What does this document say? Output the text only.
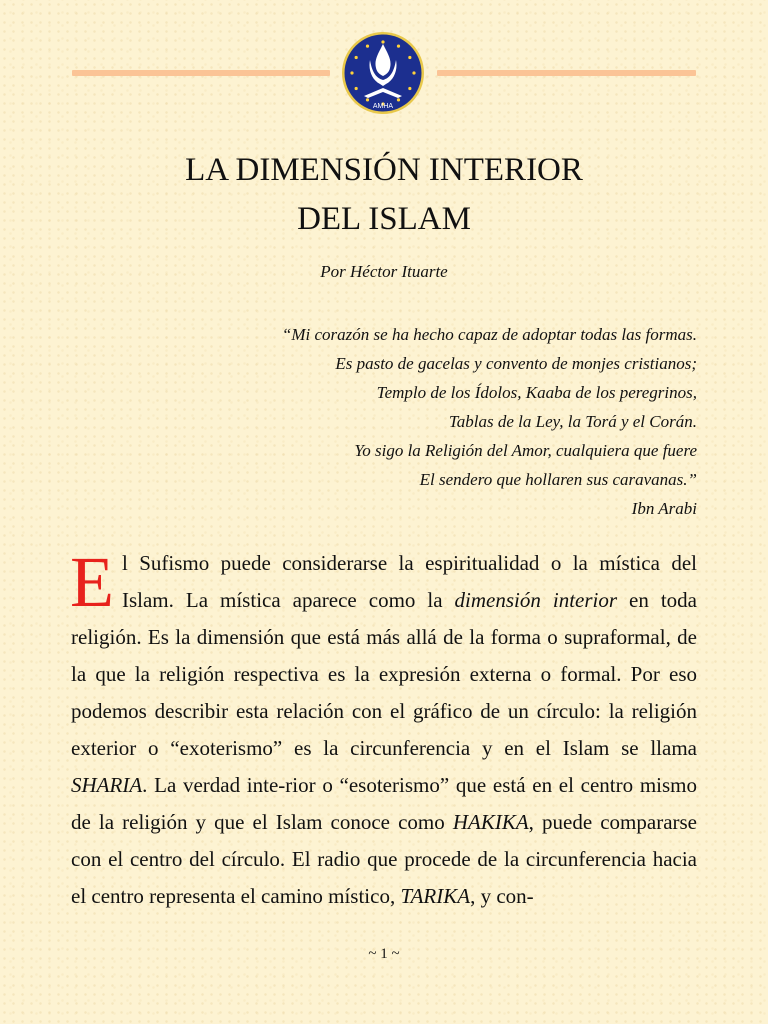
AMHA
LA DIMENSIÓN INTERIOR
DEL ISLAM
Por Héctor Ituarte
“Mi corazón se ha hecho capaz de adoptar todas las formas.
Es pasto de gacelas y convento de monjes cristianos;
Templo de los Ídolos, Kaaba de los peregrinos,
Tablas de la Ley, la Torá y el Corán.
Yo sigo la Religión del Amor, cualquiera que fuere
El sendero que hollaren sus caravanas.”
Ibn Arabi
E l Sufismo puede considerarse la espiritualidad o la mística del Islam. La mística aparece como la dimensión interior en toda religión. Es la dimensión que está más allá de la forma o supraformal, de la que la religión respectiva es la expresión externa o formal. Por eso podemos describir esta relación con el gráfico de un círculo: la religión exterior o “exoterismo” es la circunferencia y en el Islam se llama SHARIA. La verdad inte-rior o “esoterismo” que está en el centro mismo de la religión y que el Islam conoce como HAKIKA, puede compararse con el centro del círculo. El radio que procede de la circunferencia hacia el centro representa el camino místico, TARIKA, y con-
~ 1 ~
